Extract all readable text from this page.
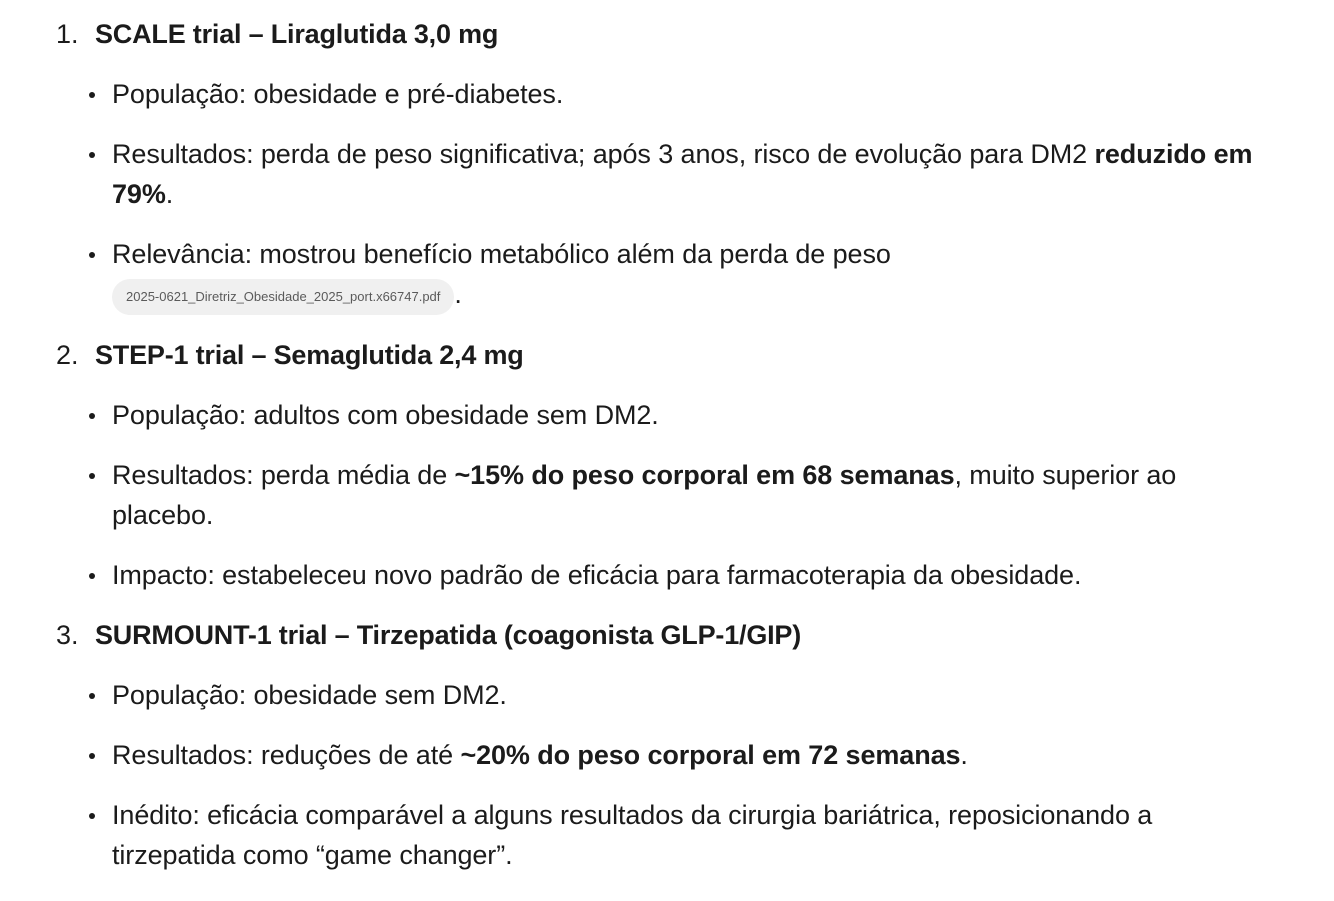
1. SCALE trial – Liraglutida 3,0 mg
População: obesidade e pré-diabetes.
Resultados: perda de peso significativa; após 3 anos, risco de evolução para DM2 reduzido em 79%.
Relevância: mostrou benefício metabólico além da perda de peso
2025-0621_Diretriz_Obesidade_2025_port.x66747.pdf .
2. STEP-1 trial – Semaglutida 2,4 mg
População: adultos com obesidade sem DM2.
Resultados: perda média de ~15% do peso corporal em 68 semanas, muito superior ao placebo.
Impacto: estabeleceu novo padrão de eficácia para farmacoterapia da obesidade.
3. SURMOUNT-1 trial – Tirzepatida (coagonista GLP-1/GIP)
População: obesidade sem DM2.
Resultados: reduções de até ~20% do peso corporal em 72 semanas.
Inédito: eficácia comparável a alguns resultados da cirurgia bariátrica, reposicionando a tirzepatida como “game changer”.
